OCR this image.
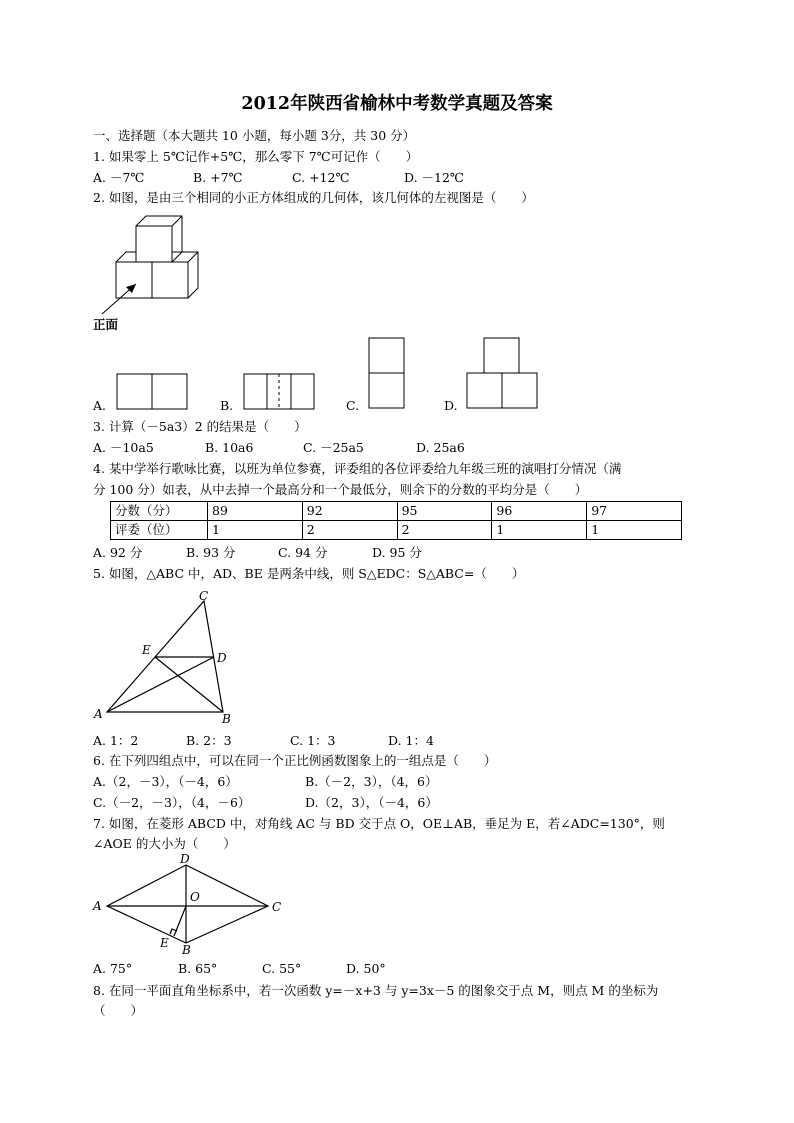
2012年陕西省榆林中考数学真题及答案
一、选择题（本大题共 10 小题，每小题 3分，共 30 分）
1. 如果零上 5℃记作+5℃，那么零下 7℃可记作（　　）
A. －7℃	B. +7℃	C. +12℃	D. －12℃
2. 如图，是由三个相同的小正方体组成的几何体，该几何体的左视图是（　　）
正面
A.	B.	C.	D.
3. 计算（－5a3）2 的结果是（　　）
A. －10a5	B. 10a6	C. －25a5	D. 25a6
4. 某中学举行歌咏比赛，以班为单位参赛，评委组的各位评委给九年级三班的演唱打分情况（满
分 100 分）如表，从中去掉一个最高分和一个最低分，则余下的分数的平均分是（　　）
分数（分）	89	92	95	96	97
评委（位）	1	2	2	1	1
A. 92 分	B. 93 分	C. 94 分	D. 95 分
5. 如图，△ABC 中，AD、BE 是两条中线，则 S△EDC：S△ABC=（　　）
A	B
C
D
E
A. 1：2	B. 2：3	C. 1：3	D. 1：4
6. 在下列四组点中，可以在同一个正比例函数图象上的一组点是（　　）
A.（2，－3），（－4，6）	B.（－2，3），（4，6）
C.（－2，－3），（4，－6）	D.（2，3），（－4，6）
7. 如图，在菱形 ABCD 中，对角线 AC 与 BD 交于点 O，OE⊥AB，垂足为 E，若∠ADC=130°，则
∠AOE 的大小为（　　）
A
B
C
D
O
E
A. 75°	B. 65°	C. 55°	D. 50°
8. 在同一平面直角坐标系中，若一次函数 y=－x+3 与 y=3x－5 的图象交于点 M，则点 M 的坐标为
（　　）
